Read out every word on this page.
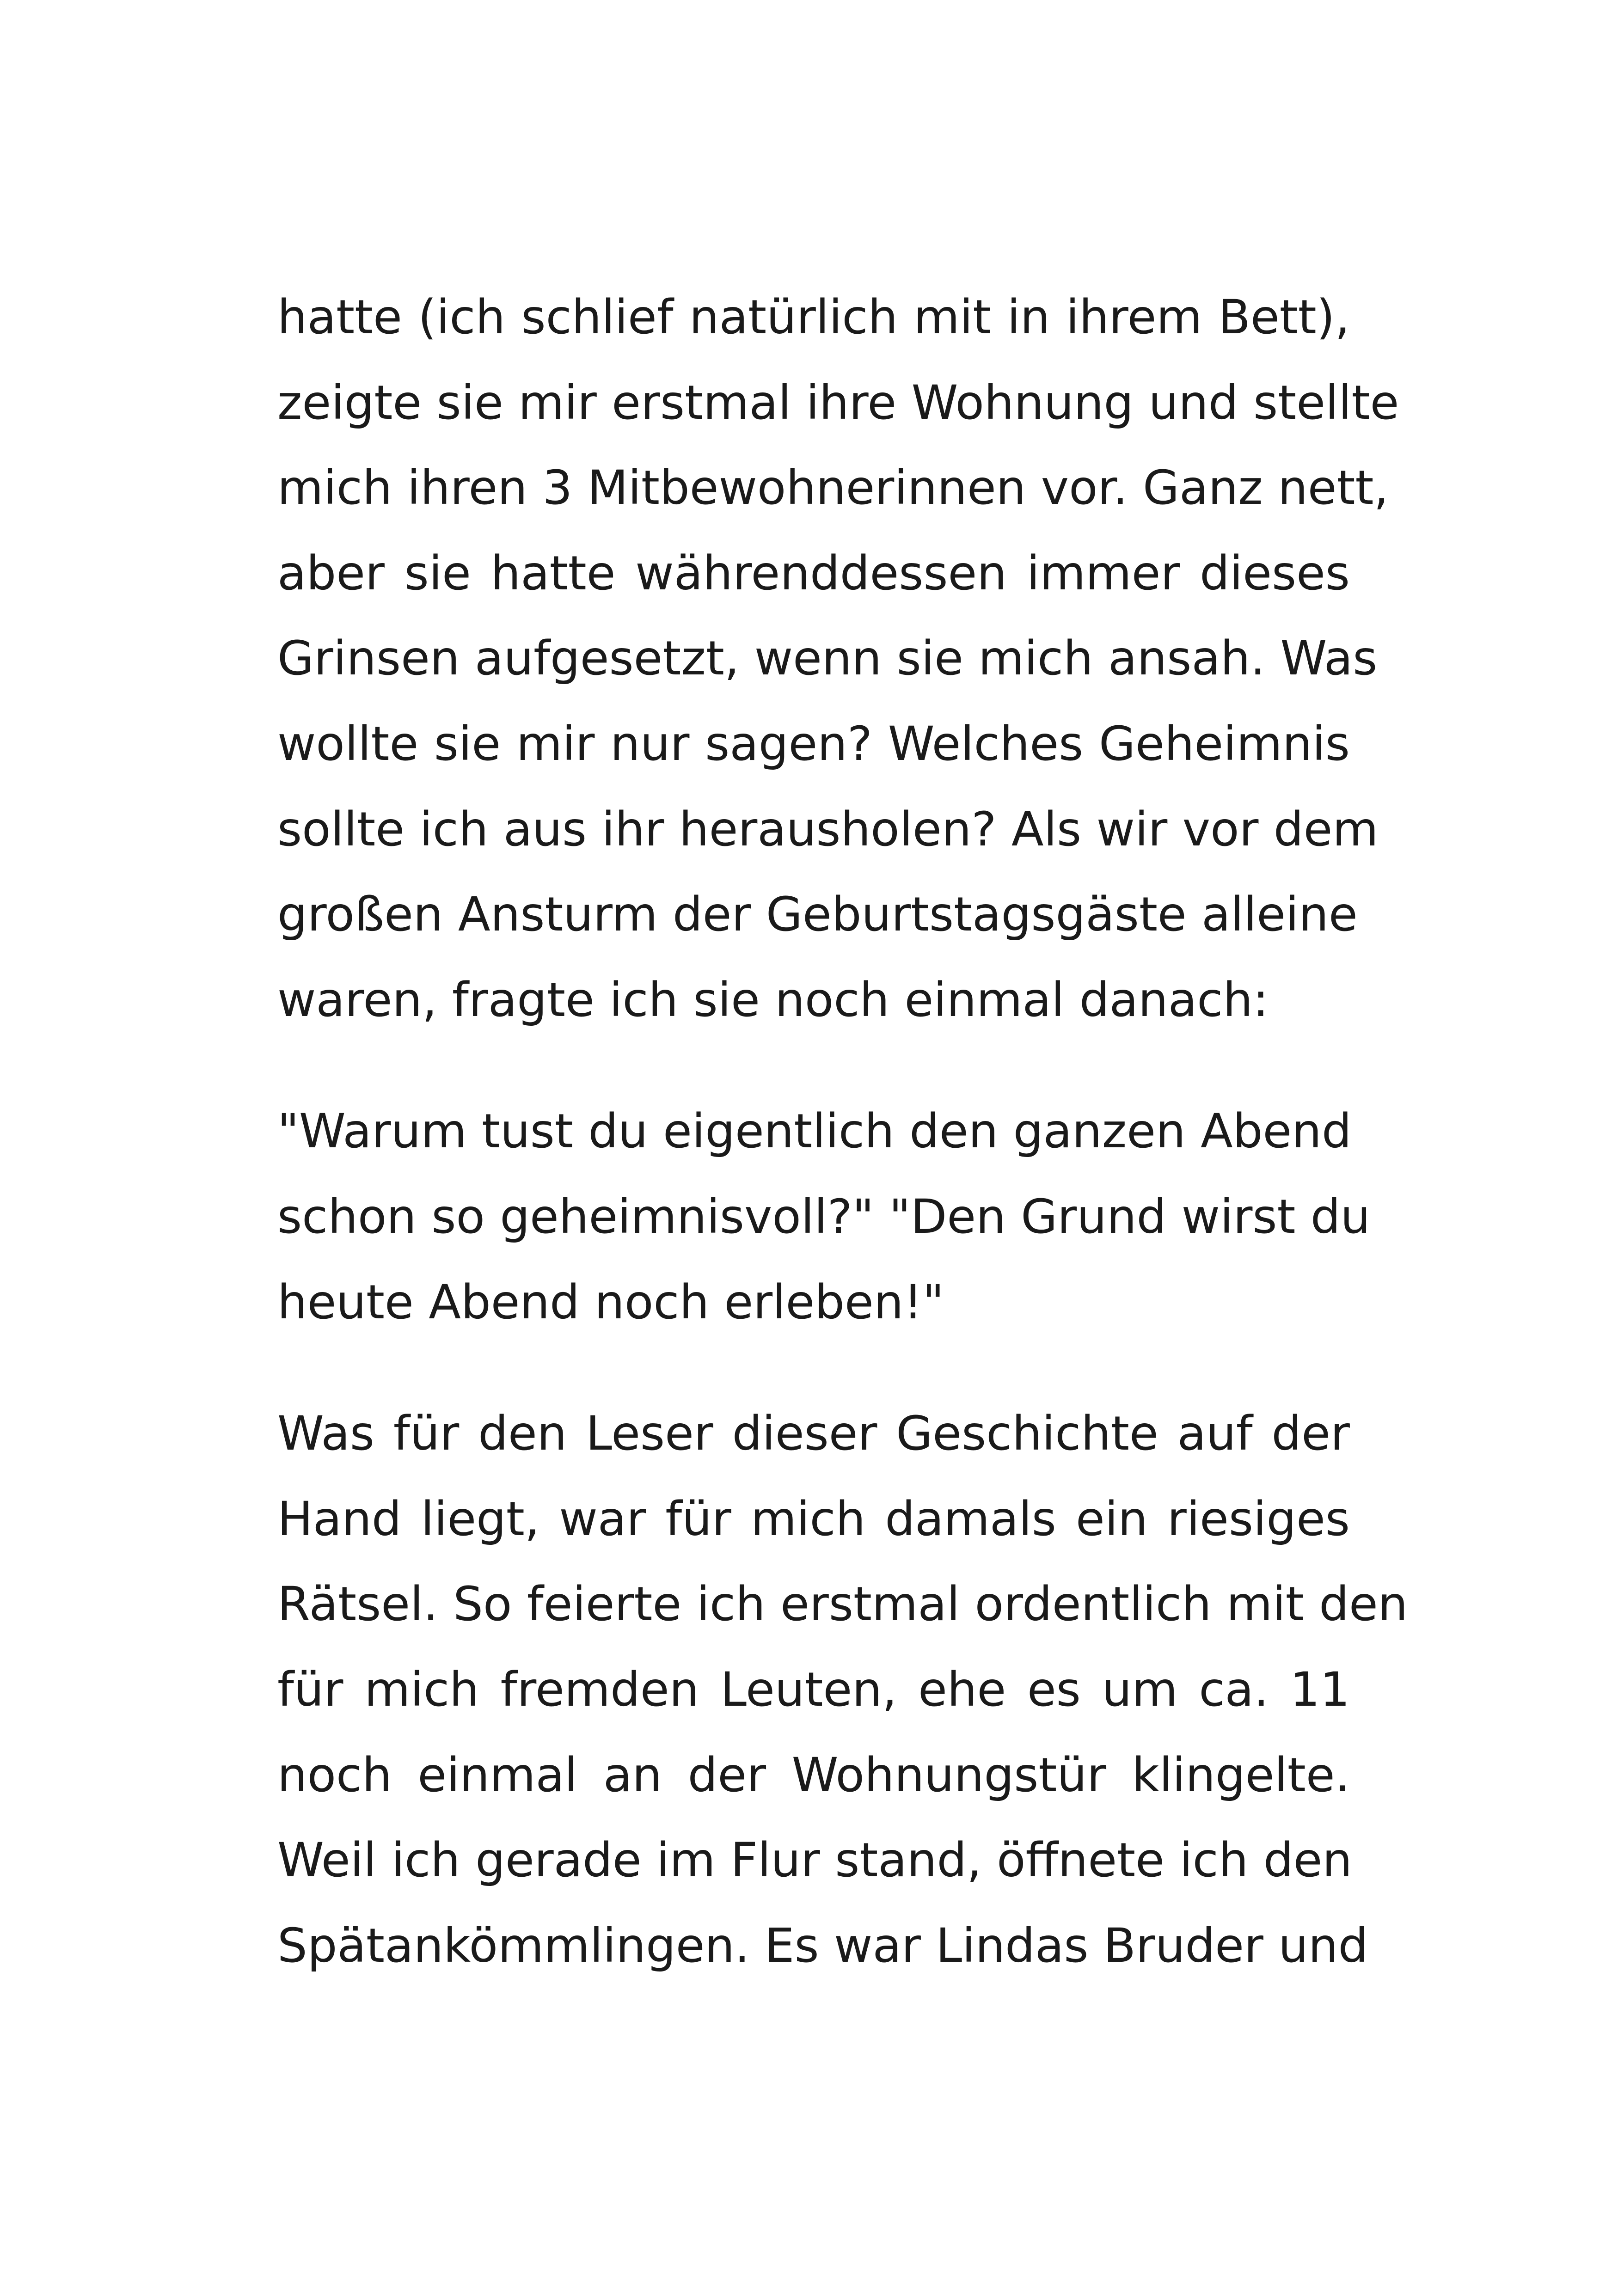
hatte (ich schlief natürlich mit in ihrem Bett),
zeigte sie mir erstmal ihre Wohnung und stellte
mich ihren 3 Mitbewohnerinnen vor. Ganz nett,
aber sie hatte währenddessen immer dieses
Grinsen aufgesetzt, wenn sie mich ansah. Was
wollte sie mir nur sagen? Welches Geheimnis
sollte ich aus ihr herausholen? Als wir vor dem
großen Ansturm der Geburtstagsgäste alleine
waren, fragte ich sie noch einmal danach:
"Warum tust du eigentlich den ganzen Abend
schon so geheimnisvoll?" "Den Grund wirst du
heute Abend noch erleben!"
Was für den Leser dieser Geschichte auf der
Hand liegt, war für mich damals ein riesiges
Rätsel. So feierte ich erstmal ordentlich mit den
für mich fremden Leuten, ehe es um ca. 11
noch einmal an der Wohnungstür klingelte.
Weil ich gerade im Flur stand, öffnete ich den
Spätankömmlingen. Es war Lindas Bruder und
